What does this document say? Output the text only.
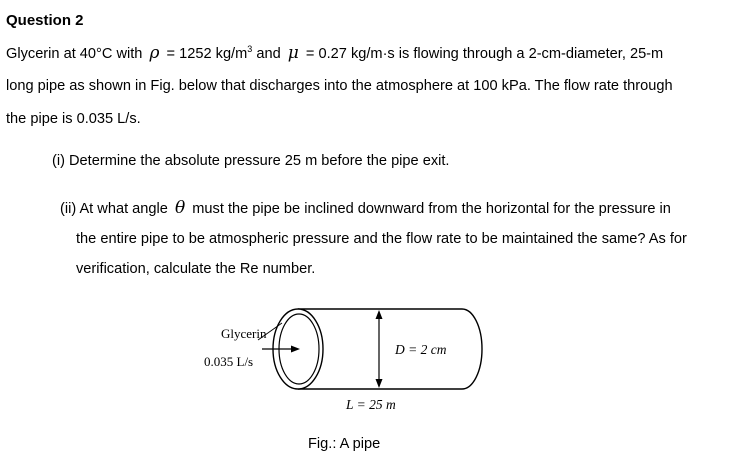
Question 2
Glycerin at 40°C with ρ = 1252 $kg/m^3$ and μ = 0.27 kg/m·s is flowing through a 2-cm-diameter, 25-m
long pipe as shown in Fig. below that discharges into the atmosphere at 100 kPa. The flow rate through
the pipe is 0.035 L/s.
(i) Determine the absolute pressure 25 m before the pipe exit.
(ii) At what angle θ must the pipe be inclined downward from the horizontal for the pressure in
the entire pipe to be atmospheric pressure and the flow rate to be maintained the same? As for
verification, calculate the Re number.
Glycerin
0.035 L/s
D = 2 cm
L = 25 m
Fig.: A pipe
